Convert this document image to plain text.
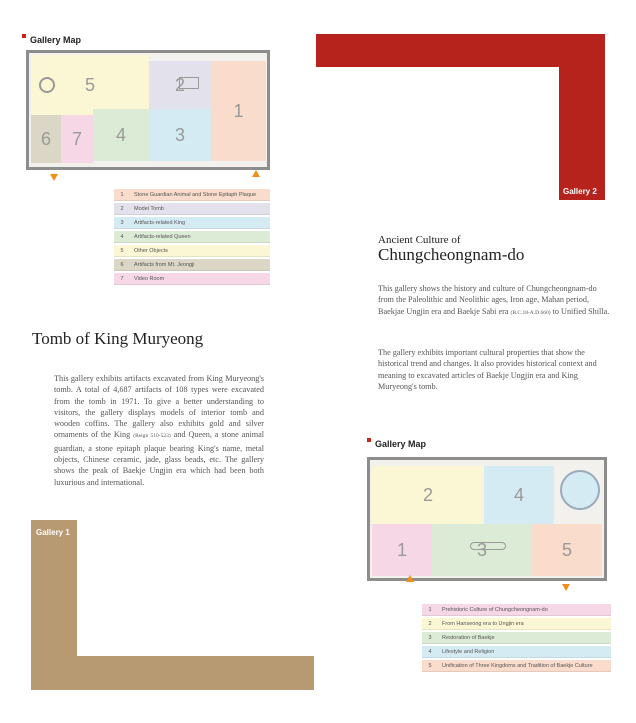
Gallery Map
5	2
1
6 7 4	3
1	Stone Guardian Animal and Stone Epitaph Plaque
2	Model Tomb
3	Artifacts-related King
4	Artifacts-related Queen
5	Other Objects
6	Artifacts from Mt. Jeongji
7	Video Room
Gallery 2
Ancient Culture of
Chungcheongnam-do
This gallery shows the history and culture of Chungcheongnam-do from the Paleolithic and Neolithic ages, Iron age, Mahan period, Baekjae Ungjin era and Baekje Sabi era (B.C.18-A.D.660) to Unified Shilla.
The gallery exhibits important cultural properties that show the historical trend and changes. It also provides historical context and meaning to excavated articles of Baekje Ungjin era and King Muryeong's tomb.
Tomb of King Muryeong
This gallery exhibits artifacts excavated from King Muryeong's tomb. A total of 4,687 artifacts of 108 types were excavated from the tomb in 1971. To give a better understanding to visitors, the gallery displays models of interior tomb and wooden coffins. The gallery also exhibits gold and silver ornaments of the King (Reign 510-523) and Queen, a stone animal guardian, a stone epitaph plaque bearing King's name, metal objects, Chinese ceramic, jade, glass beads, etc. The gallery shows the peak of Baekje Ungjin era which had been both luxurious and international.
Gallery 1
Gallery Map
2	4
1	3	5
1	Prehistoric Culture of Chungcheongnam-do
2	From Hanseong era to Ungjin era
3	Restoration of Baekje
4	Lifestyle and Religion
5	Unification of Three Kingdoms and Tradition of Baekje Culture
